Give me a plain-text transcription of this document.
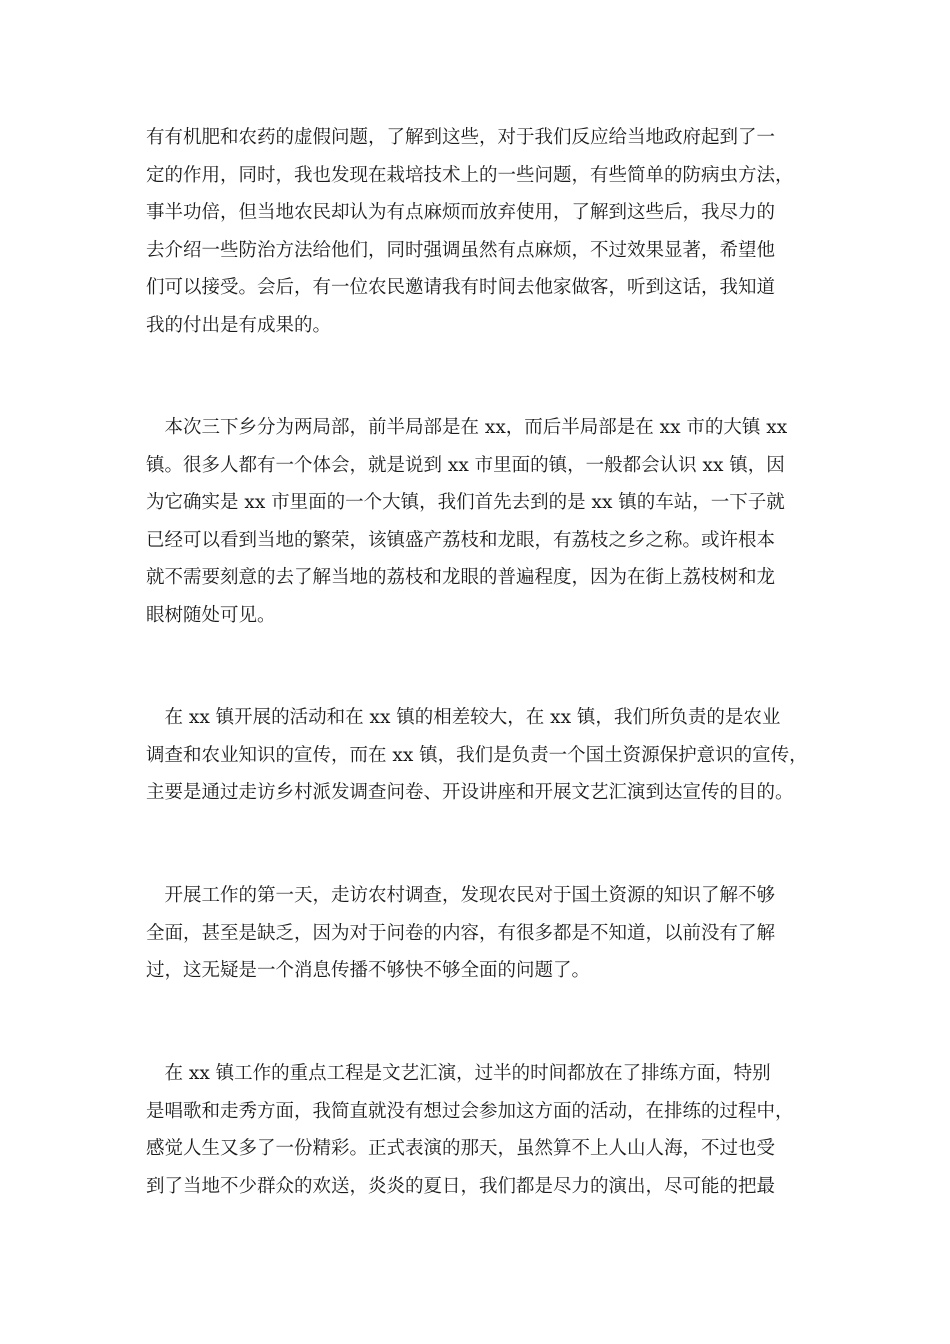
有有机肥和农药的虚假问题，了解到这些，对于我们反应给当地政府起到了一
定的作用，同时，我也发现在栽培技术上的一些问题，有些简单的防病虫方法，
事半功倍，但当地农民却认为有点麻烦而放弃使用，了解到这些后，我尽力的
去介绍一些防治方法给他们，同时强调虽然有点麻烦，不过效果显著，希望他
们可以接受。会后，有一位农民邀请我有时间去他家做客，听到这话，我知道
我的付出是有成果的。

　本次三下乡分为两局部，前半局部是在 xx，而后半局部是在 xx 市的大镇 xx
镇。很多人都有一个体会，就是说到 xx 市里面的镇，一般都会认识 xx 镇，因
为它确实是 xx 市里面的一个大镇，我们首先去到的是 xx 镇的车站，一下子就
已经可以看到当地的繁荣，该镇盛产荔枝和龙眼，有荔枝之乡之称。或许根本
就不需要刻意的去了解当地的荔枝和龙眼的普遍程度，因为在街上荔枝树和龙
眼树随处可见。

　在 xx 镇开展的活动和在 xx 镇的相差较大，在 xx 镇，我们所负责的是农业
调查和农业知识的宣传，而在 xx 镇，我们是负责一个国土资源保护意识的宣传，
主要是通过走访乡村派发调查问卷、开设讲座和开展文艺汇演到达宣传的目的。

　开展工作的第一天，走访农村调查，发现农民对于国土资源的知识了解不够
全面，甚至是缺乏，因为对于问卷的内容，有很多都是不知道，以前没有了解
过，这无疑是一个消息传播不够快不够全面的问题了。

　在 xx 镇工作的重点工程是文艺汇演，过半的时间都放在了排练方面，特别
是唱歌和走秀方面，我简直就没有想过会参加这方面的活动，在排练的过程中，
感觉人生又多了一份精彩。正式表演的那天，虽然算不上人山人海，不过也受
到了当地不少群众的欢送，炎炎的夏日，我们都是尽力的演出，尽可能的把最
